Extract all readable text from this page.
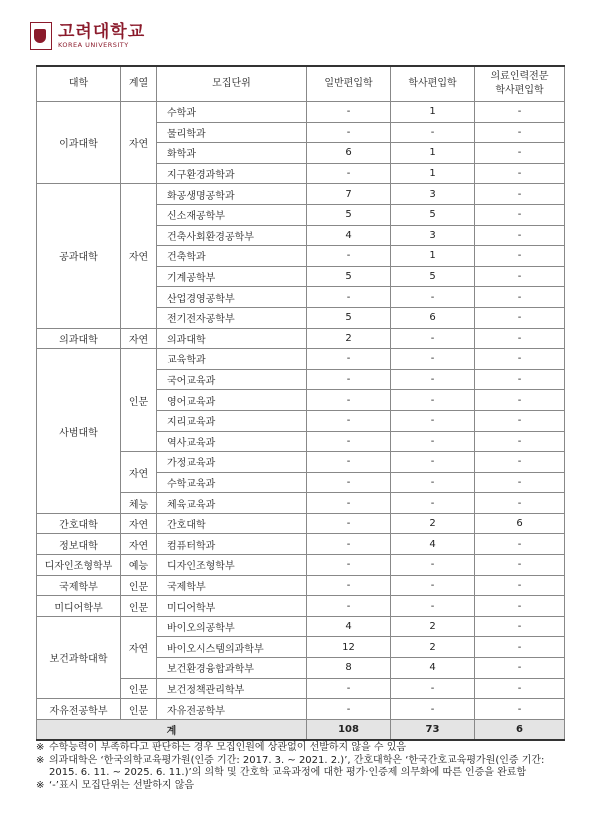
고려대학교
KOREA UNIVERSITY
대학	계열	모집단위	일반편입학	학사편입학	의료인력전문
학사편입학

이과대학	자연	수학과	-	1	-
		물리학과	-	-	-
		화학과	6	1	-
		지구환경과학과	-	1	-
공과대학	자연	화공생명공학과	7	3	-
		신소재공학부	5	5	-
		건축사회환경공학부	4	3	-
		건축학과	-	1	-
		기계공학부	5	5	-
		산업경영공학부	-	-	-
		전기전자공학부	5	6	-
의과대학	자연	의과대학	2	-	-
사범대학	인문	교육학과	-	-	-
		국어교육과	-	-	-
		영어교육과	-	-	-
		지리교육과	-	-	-
		역사교육과	-	-	-
	자연	가정교육과	-	-	-
		수학교육과	-	-	-
	체능	체육교육과	-	-	-
간호대학	자연	간호대학	-	2	6
정보대학	자연	컴퓨터학과	-	4	-
디자인조형학부	예능	디자인조형학부	-	-	-
국제학부	인문	국제학부	-	-	-
미디어학부	인문	미디어학부	-	-	-
보건과학대학	자연	바이오의공학부	4	2	-
		바이오시스템의과학부	12	2	-
		보건환경융합과학부	8	4	-
	인문	보건정책관리학부	-	-	-
자유전공학부	인문	자유전공학부	-	-	-
계			108	73	6
※ 수학능력이 부족하다고 판단하는 경우 모집인원에 상관없이 선발하지 않을 수 있음
※ 의과대학은 ‘한국의학교육평가원(인증 기간: 2017. 3. ~ 2021. 2.)’, 간호대학은 ‘한국간호교육평가원(인증 기간: 2015. 6. 11. ~ 2025. 6. 11.)’의 의학 및 간호학 교육과정에 대한 평가·인증제 의무화에 따른 인증을 완료함
※ ‘-’표시 모집단위는 선발하지 않음
